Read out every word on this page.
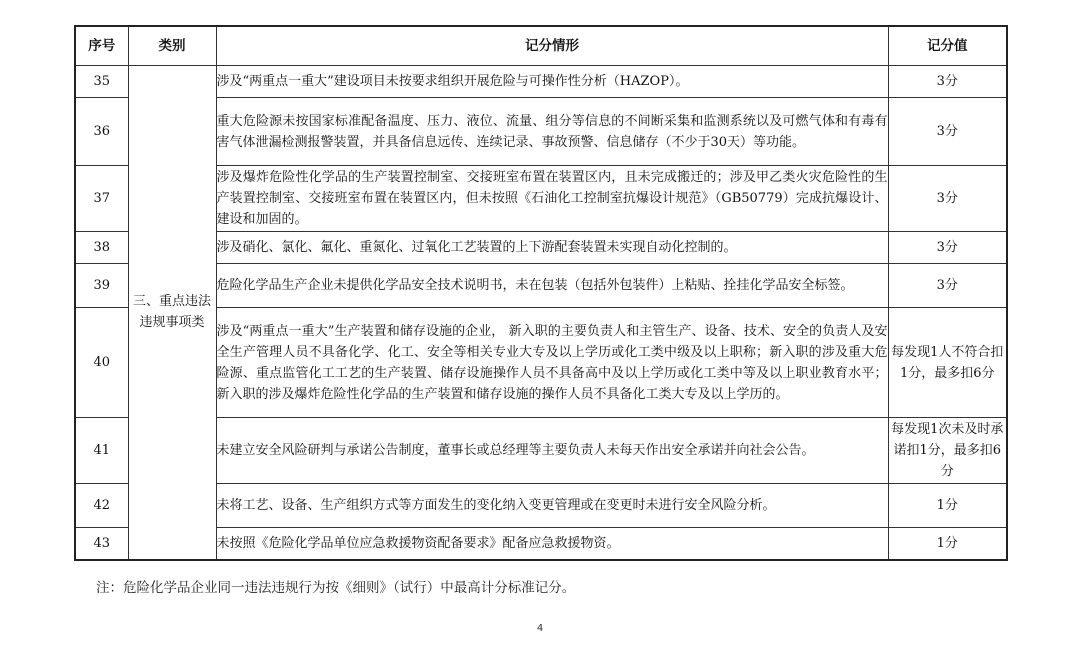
序号	类别	记分情形	记分值
35	三、重点违法违规事项类	涉及“两重点一重大”建设项目未按要求组织开展危险与可操作性分析（HAZOP）。	3分
36		重大危险源未按国家标准配备温度、压力、液位、流量、组分等信息的不间断采集和监测系统以及可燃气体和有毒有害气体泄漏检测报警装置，并具备信息远传、连续记录、事故预警、信息储存（不少于30天）等功能。	3分
37		涉及爆炸危险性化学品的生产装置控制室、交接班室布置在装置区内，且未完成搬迁的；涉及甲乙类火灾危险性的生产装置控制室、交接班室布置在装置区内，但未按照《石油化工控制室抗爆设计规范》（GB50779）完成抗爆设计、建设和加固的。	3分
38		涉及硝化、氯化、氟化、重氮化、过氧化工艺装置的上下游配套装置未实现自动化控制的。	3分
39		危险化学品生产企业未提供化学品安全技术说明书，未在包装（包括外包装件）上粘贴、拴挂化学品安全标签。	3分
40		涉及“两重点一重大”生产装置和储存设施的企业， 新入职的主要负责人和主管生产、设备、技术、安全的负责人及安全生产管理人员不具备化学、化工、安全等相关专业大专及以上学历或化工类中级及以上职称；新入职的涉及重大危险源、重点监管化工工艺的生产装置、储存设施操作人员不具备高中及以上学历或化工类中等及以上职业教育水平；新入职的涉及爆炸危险性化学品的生产装置和储存设施的操作人员不具备化工类大专及以上学历的。	每发现1人不符合扣1分，最多扣6分
41		未建立安全风险研判与承诺公告制度，董事长或总经理等主要负责人未每天作出安全承诺并向社会公告。	每发现1次未及时承诺扣1分，最多扣6分
42		未将工艺、设备、生产组织方式等方面发生的变化纳入变更管理或在变更时未进行安全风险分析。	1分
43		未按照《危险化学品单位应急救援物资配备要求》配备应急救援物资。	1分
注：危险化学品企业同一违法违规行为按《细则》（试行）中最高计分标准记分。
4
